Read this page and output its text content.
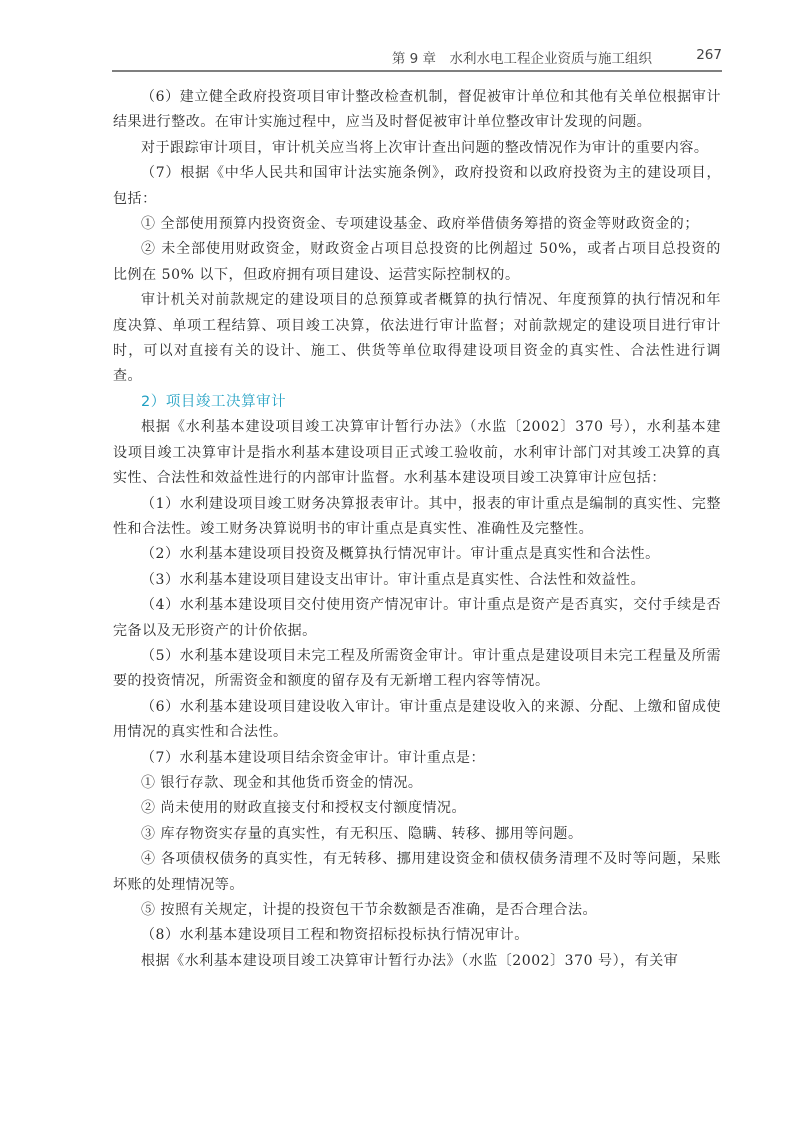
第 9 章　水利水电工程企业资质与施工组织	267

（6）建立健全政府投资项目审计整改检查机制，督促被审计单位和其他有关单位根据审计结果进行整改。在审计实施过程中，应当及时督促被审计单位整改审计发现的问题。

对于跟踪审计项目，审计机关应当将上次审计查出问题的整改情况作为审计的重要内容。

（7）根据《中华人民共和国审计法实施条例》，政府投资和以政府投资为主的建设项目，包括：

① 全部使用预算内投资资金、专项建设基金、政府举借债务筹措的资金等财政资金的；

② 未全部使用财政资金，财政资金占项目总投资的比例超过 50%，或者占项目总投资的比例在 50% 以下，但政府拥有项目建设、运营实际控制权的。

审计机关对前款规定的建设项目的总预算或者概算的执行情况、年度预算的执行情况和年度决算、单项工程结算、项目竣工决算，依法进行审计监督；对前款规定的建设项目进行审计时，可以对直接有关的设计、施工、供货等单位取得建设项目资金的真实性、合法性进行调查。

2）项目竣工决算审计

根据《水利基本建设项目竣工决算审计暂行办法》（水监〔2002〕370 号），水利基本建设项目竣工决算审计是指水利基本建设项目正式竣工验收前，水利审计部门对其竣工决算的真实性、合法性和效益性进行的内部审计监督。水利基本建设项目竣工决算审计应包括：

（1）水利建设项目竣工财务决算报表审计。其中，报表的审计重点是编制的真实性、完整性和合法性。竣工财务决算说明书的审计重点是真实性、准确性及完整性。

（2）水利基本建设项目投资及概算执行情况审计。审计重点是真实性和合法性。

（3）水利基本建设项目建设支出审计。审计重点是真实性、合法性和效益性。

（4）水利基本建设项目交付使用资产情况审计。审计重点是资产是否真实，交付手续是否完备以及无形资产的计价依据。

（5）水利基本建设项目未完工程及所需资金审计。审计重点是建设项目未完工程量及所需要的投资情况，所需资金和额度的留存及有无新增工程内容等情况。

（6）水利基本建设项目建设收入审计。审计重点是建设收入的来源、分配、上缴和留成使用情况的真实性和合法性。

（7）水利基本建设项目结余资金审计。审计重点是：

① 银行存款、现金和其他货币资金的情况。

② 尚未使用的财政直接支付和授权支付额度情况。

③ 库存物资实存量的真实性，有无积压、隐瞒、转移、挪用等问题。

④ 各项债权债务的真实性，有无转移、挪用建设资金和债权债务清理不及时等问题，呆账坏账的处理情况等。

⑤ 按照有关规定，计提的投资包干节余数额是否准确，是否合理合法。

（8）水利基本建设项目工程和物资招标投标执行情况审计。

根据《水利基本建设项目竣工决算审计暂行办法》（水监〔2002〕370 号），有关审
